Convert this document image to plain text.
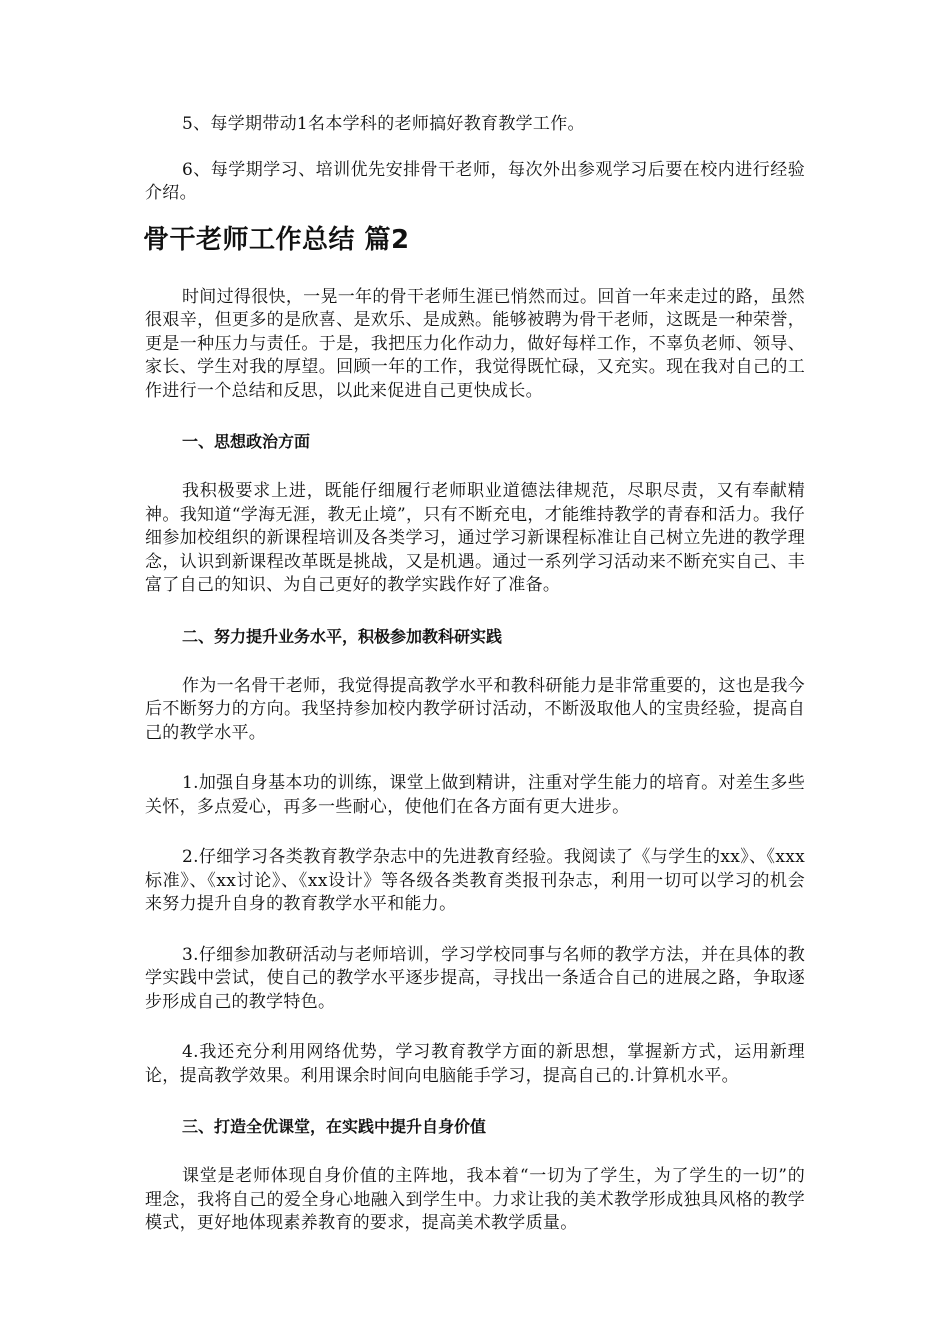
5、每学期带动1名本学科的老师搞好教育教学工作。

6、每学期学习、培训优先安排骨干老师，每次外出参观学习后要在校内进行经验介绍。

骨干老师工作总结 篇2

时间过得很快，一晃一年的骨干老师生涯已悄然而过。回首一年来走过的路，虽然很艰辛，但更多的是欣喜、是欢乐、是成熟。能够被聘为骨干老师，这既是一种荣誉，更是一种压力与责任。于是，我把压力化作动力，做好每样工作，不辜负老师、领导、家长、学生对我的厚望。回顾一年的工作，我觉得既忙碌，又充实。现在我对自己的工作进行一个总结和反思，以此来促进自己更快成长。

一、思想政治方面

我积极要求上进，既能仔细履行老师职业道德法律规范，尽职尽责，又有奉献精神。我知道“学海无涯，教无止境”，只有不断充电，才能维持教学的青春和活力。我仔细参加校组织的新课程培训及各类学习，通过学习新课程标准让自己树立先进的教学理念，认识到新课程改革既是挑战，又是机遇。通过一系列学习活动来不断充实自己、丰富了自己的知识、为自己更好的教学实践作好了准备。

二、努力提升业务水平，积极参加教科研实践

作为一名骨干老师，我觉得提高教学水平和教科研能力是非常重要的，这也是我今后不断努力的方向。我坚持参加校内教学研讨活动，不断汲取他人的宝贵经验，提高自己的教学水平。

1.加强自身基本功的训练，课堂上做到精讲，注重对学生能力的培育。对差生多些关怀，多点爱心，再多一些耐心，使他们在各方面有更大进步。

2.仔细学习各类教育教学杂志中的先进教育经验。我阅读了《与学生的xx》、《xxx标准》、《xx讨论》、《xx设计》等各级各类教育类报刊杂志，利用一切可以学习的机会来努力提升自身的教育教学水平和能力。

3.仔细参加教研活动与老师培训，学习学校同事与名师的教学方法，并在具体的教学实践中尝试，使自己的教学水平逐步提高，寻找出一条适合自己的进展之路，争取逐步形成自己的教学特色。

4.我还充分利用网络优势，学习教育教学方面的新思想，掌握新方式，运用新理论，提高教学效果。利用课余时间向电脑能手学习，提高自己的.计算机水平。

三、打造全优课堂，在实践中提升自身价值

课堂是老师体现自身价值的主阵地，我本着“一切为了学生，为了学生的一切”的理念，我将自己的爱全身心地融入到学生中。力求让我的美术教学形成独具风格的教学模式，更好地体现素养教育的要求，提高美术教学质量。
